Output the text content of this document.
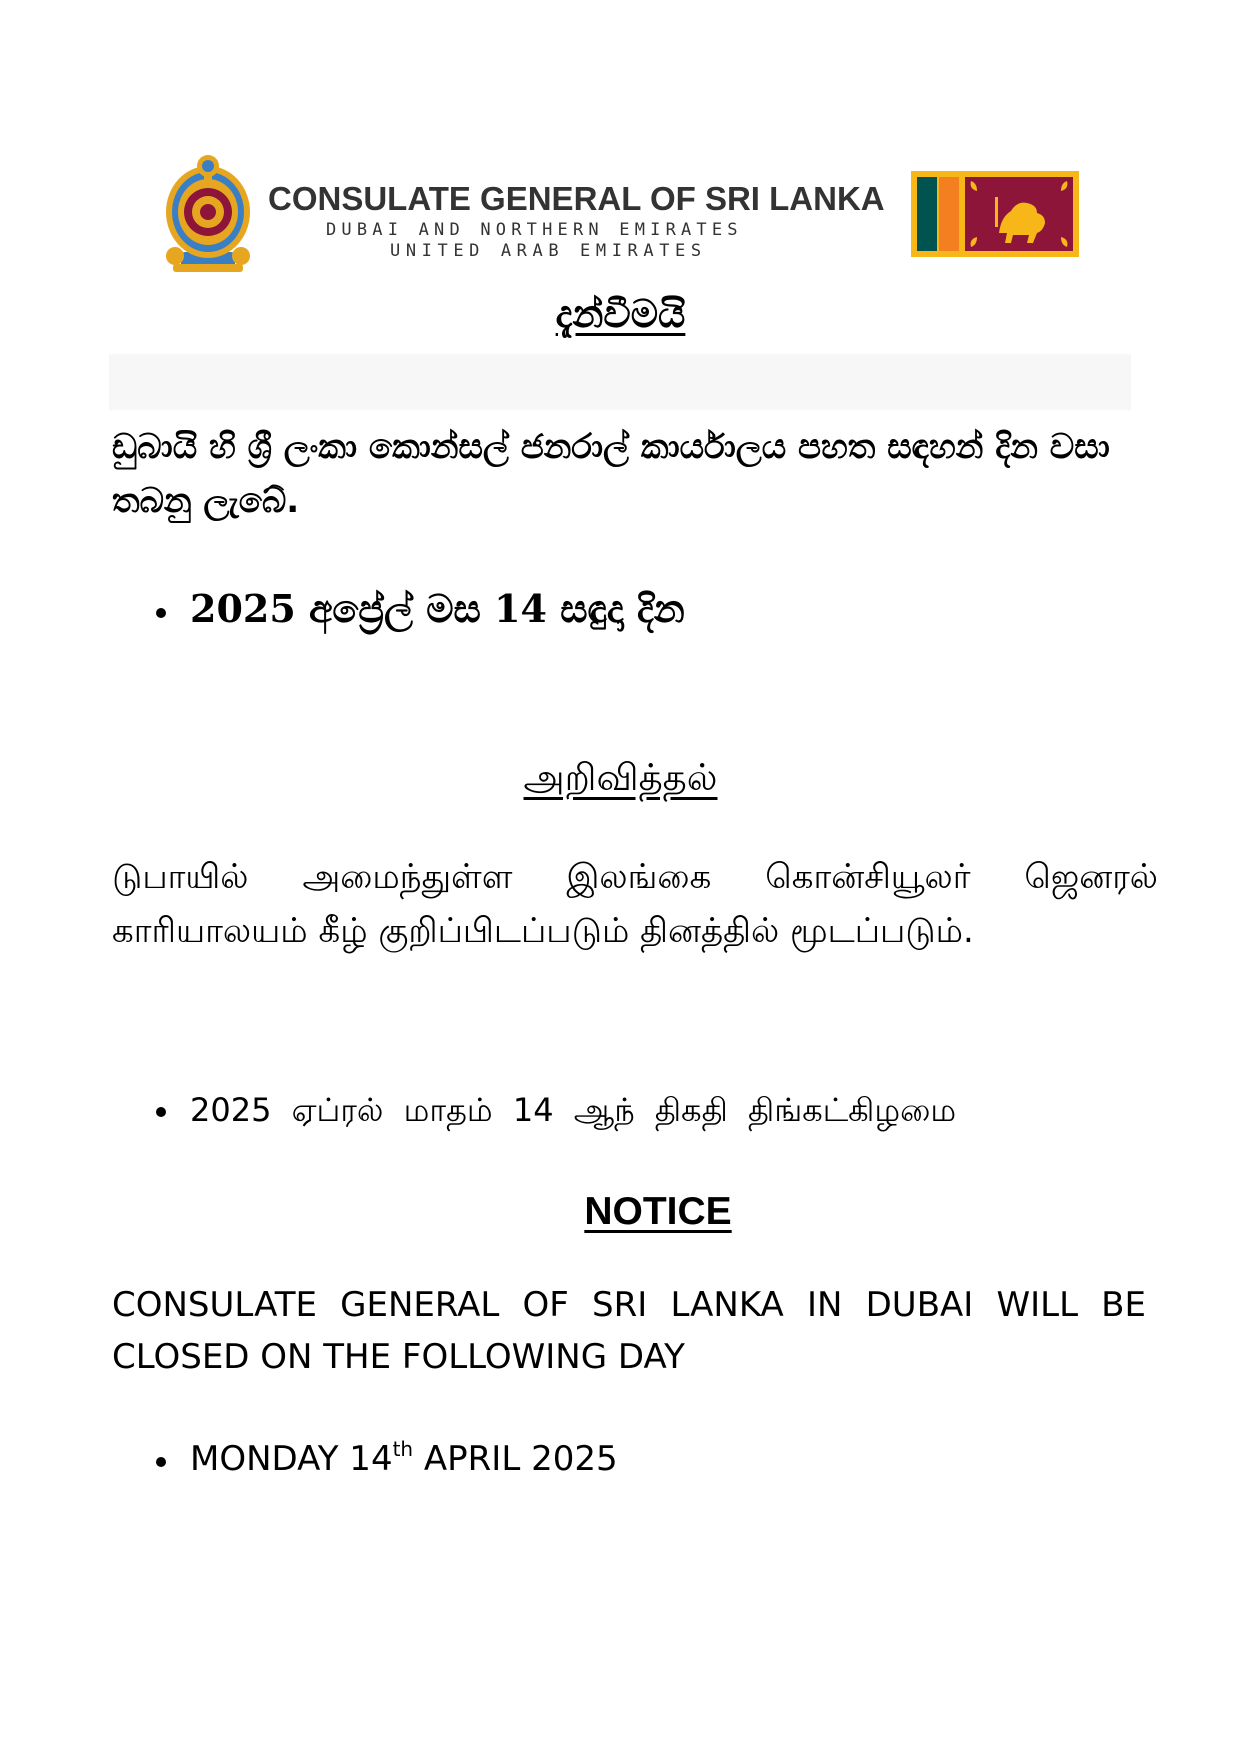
CONSULATE GENERAL OF SRI LANKA
DUBAI AND NORTHERN EMIRATES
UNITED ARAB EMIRATES
දැන්වීමයි
ඩුබායි හි ශ්‍රී ලංකා කොන්සල් ජනරාල් කාර්යාලය පහත සඳහන් දින වසා තබනු ලැබේ.
2025 අප්‍රේල් මස 14 සඳුදා දින
அறிவித்தல்
டுபாயில் அமைந்துள்ள இலங்கை கொன்சியூலர் ஜெனரல் காரியாலயம் கீழ் குறிப்பிடப்படும் தினத்தில் மூடப்படும்.
2025 ஏப்ரல் மாதம் 14 ஆந் திகதி திங்கட்கிழமை
NOTICE
CONSULATE GENERAL OF SRI LANKA IN DUBAI WILL BE CLOSED ON THE FOLLOWING DAY
MONDAY 14th APRIL 2025
